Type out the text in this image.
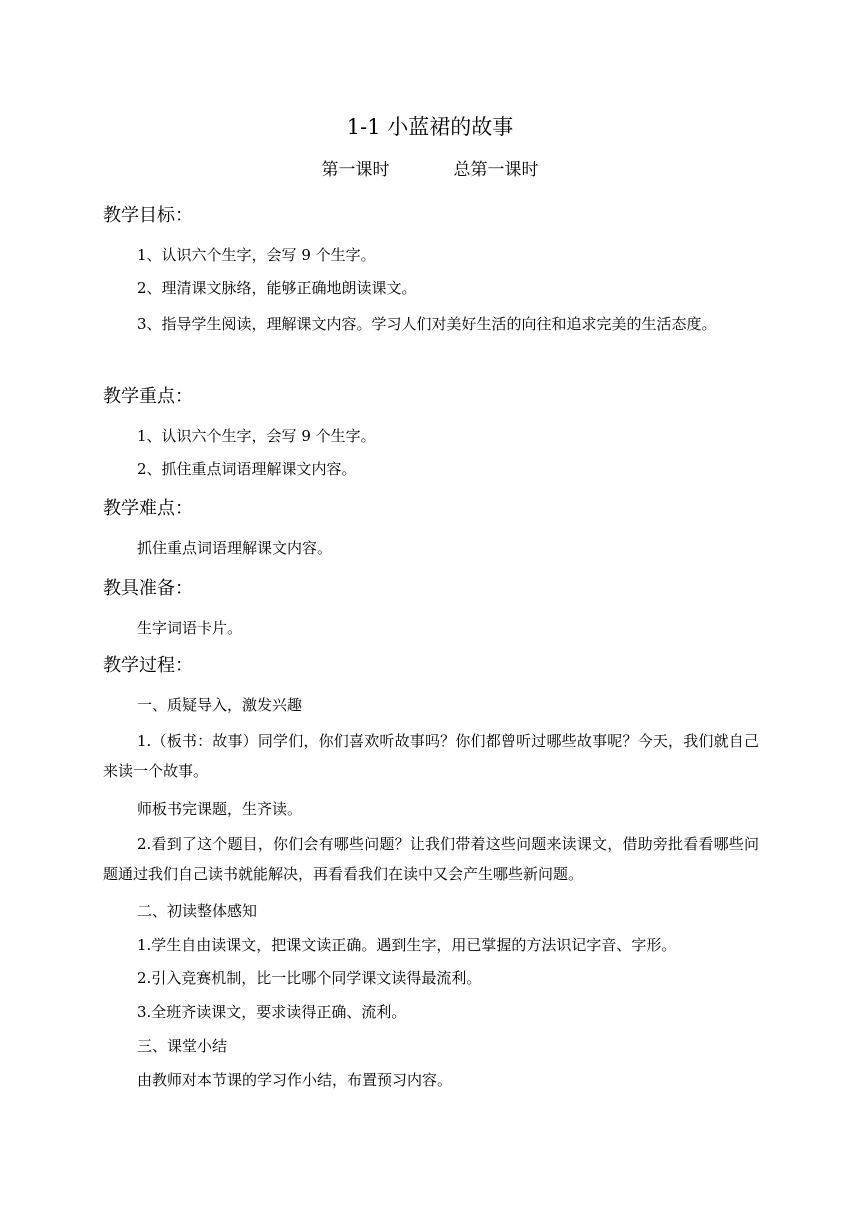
1-1 小蓝裙的故事
第一课时	总第一课时
教学目标：
1、认识六个生字，会写 9 个生字。
2、理清课文脉络，能够正确地朗读课文。
3、指导学生阅读，理解课文内容。学习人们对美好生活的向往和追求完美的生活态度。
教学重点：
1、认识六个生字，会写 9 个生字。
2、抓住重点词语理解课文内容。
教学难点：
抓住重点词语理解课文内容。
教具准备：
生字词语卡片。
教学过程：
一、质疑导入，激发兴趣
1.（板书：故事）同学们，你们喜欢听故事吗？你们都曾听过哪些故事呢？今天，我们就自己来读一个故事。
师板书完课题，生齐读。
2.看到了这个题目，你们会有哪些问题？让我们带着这些问题来读课文，借助旁批看看哪些问题通过我们自己读书就能解决，再看看我们在读中又会产生哪些新问题。
二、初读整体感知
1.学生自由读课文，把课文读正确。遇到生字，用已掌握的方法识记字音、字形。
2.引入竞赛机制，比一比哪个同学课文读得最流利。
3.全班齐读课文，要求读得正确、流利。
三、课堂小结
由教师对本节课的学习作小结，布置预习内容。
